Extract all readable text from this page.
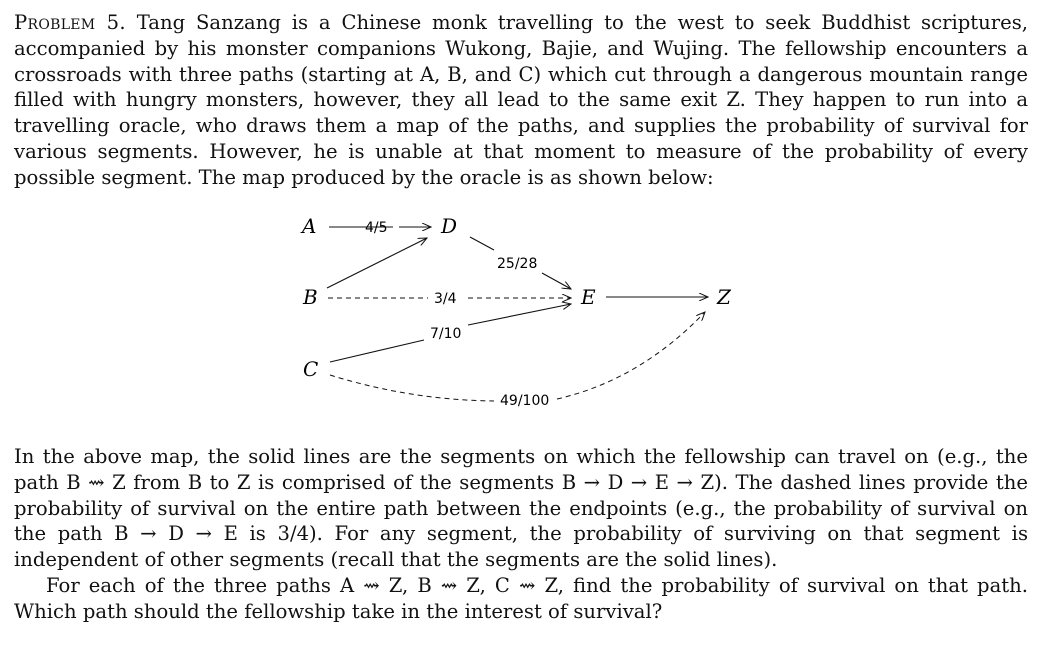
Problem 5. Tang Sanzang is a Chinese monk travelling to the west to seek Buddhist scriptures, accompanied by his monster companions Wukong, Bajie, and Wujing. The fellowship encounters a crossroads with three paths (starting at A, B, and C) which cut through a dangerous mountain range filled with hungry monsters, however, they all lead to the same exit Z. They happen to run into a travelling oracle, who draws them a map of the paths, and supplies the probability of survival for various segments. However, he is unable at that moment to measure of the probability of every possible segment. The map produced by the oracle is as shown below:

4/5
25/28
3/4
7/10
49/100
A	D
B	E	Z
C

In the above map, the solid lines are the segments on which the fellowship can travel on (e.g., the path B ⇝ Z from B to Z is comprised of the segments B → D → E → Z). The dashed lines provide the probability of survival on the entire path between the endpoints (e.g., the probability of survival on the path B → D → E is 3/4). For any segment, the probability of surviving on that segment is independent of other segments (recall that the segments are the solid lines).
For each of the three paths A ⇝ Z, B ⇝ Z, C ⇝ Z, find the probability of survival on that path. Which path should the fellowship take in the interest of survival?
